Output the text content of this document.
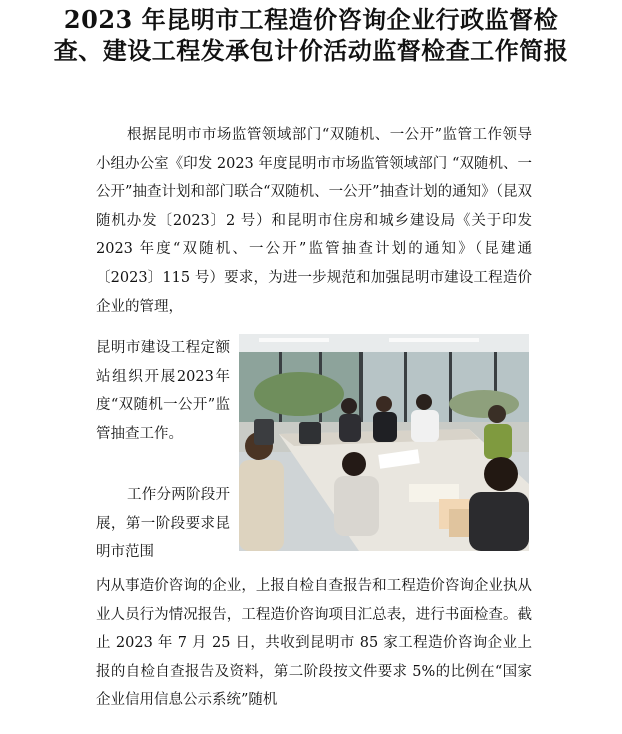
2023 年昆明市工程造价咨询企业行政监督检查、建设工程发承包计价活动监督检查工作简报

根据昆明市市场监管领域部门“双随机、一公开”监管工作领导小组办公室《印发 2023 年度昆明市市场监管领域部门 “双随机、一公开”抽查计划和部门联合“双随机、一公开”抽查计划的通知》（昆双随机办发〔2023〕2 号）和昆明市住房和城乡建设局《关于印发 2023 年度“双随机、一公开”监管抽查计划的通知》（昆建通〔2023〕115 号）要求，为进一步规范和加强昆明市建设工程造价企业的管理，

昆明市建设工程定额站组织开展2023年度“双随机一公开”监管抽查工作。

工作分两阶段开展，第一阶段要求昆明市范围

内从事造价咨询的企业，上报自检自查报告和工程造价咨询企业执从业人员行为情况报告，工程造价咨询项目汇总表，进行书面检查。截止 2023 年 7 月 25 日，共收到昆明市 85 家工程造价咨询企业上报的自检自查报告及资料，第二阶段按文件要求 5%的比例在“国家企业信用信息公示系统”随机
